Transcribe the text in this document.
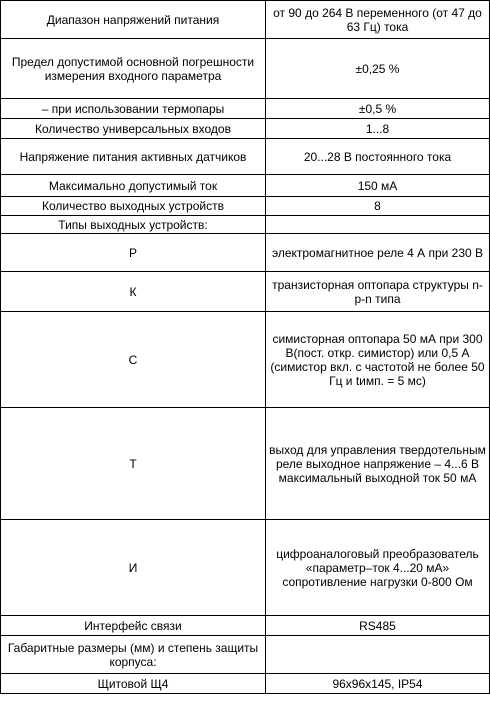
Диапазон напряжений питания	от 90 до 264 В переменного (от 47 до 63 Гц) тока

Предел допустимой основной погрешности измерения входного параметра	±0,25 %

– при использовании термопары	±0,5 %

Количество универсальных входов	1...8

Напряжение питания активных датчиков	20...28 В постоянного тока

Максимально допустимый ток	150 мА

Количество выходных устройств	8

Типы выходных устройств:	

Р	электромагнитное реле 4 А при 230 В

К	транзисторная оптопара структуры n-p-n типа

С	симисторная оптопара 50 мА при 300 В(пост. откр. симистор) или 0,5 А (симистор вкл. с частотой не более 50 Гц и tимп. = 5 мс)

Т	выход для управления твердотельным реле выходное напряжение – 4...6 В максимальный выходной ток 50 мА

И	цифроаналоговый преобразователь «параметр–ток 4...20 мА» сопротивление нагрузки 0-800 Ом

Интерфейс связи	RS485

Габаритные размеры (мм) и степень защиты корпуса:	

Щитовой Щ4	96x96x145, IP54
